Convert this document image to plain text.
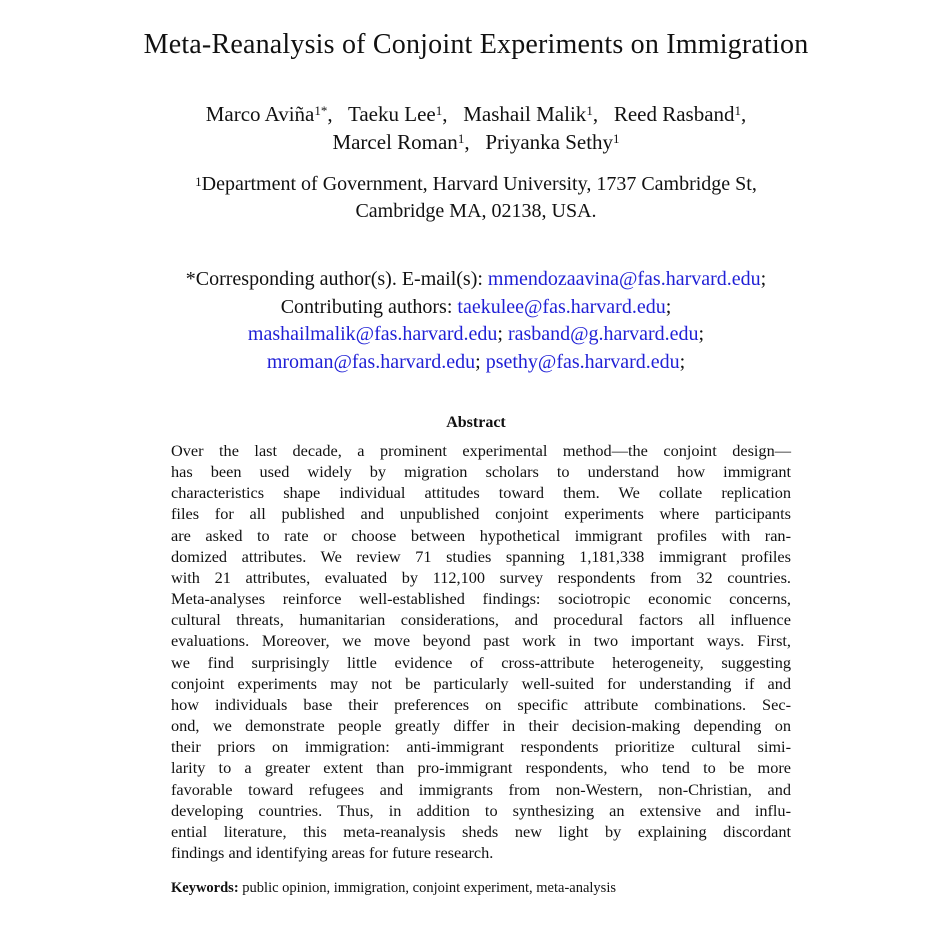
Meta-Reanalysis of Conjoint Experiments on Immigration
Marco Aviña$^{1*}$,   Taeku Lee$^1$,   Mashail Malik$^1$,   Reed Rasband$^1$,
Marcel Roman$^1$,   Priyanka Sethy$^1$
$^1$Department of Government, Harvard University, 1737 Cambridge St,
Cambridge MA, 02138, USA.
*Corresponding author(s). E-mail(s): mmendozaavina@fas.harvard.edu;
Contributing authors: taekulee@fas.harvard.edu;
mashailmalik@fas.harvard.edu; rasband@g.harvard.edu;
mroman@fas.harvard.edu; psethy@fas.harvard.edu;
Abstract
Over the last decade, a prominent experimental method—the conjoint design—
has been used widely by migration scholars to understand how immigrant
characteristics shape individual attitudes toward them. We collate replication
files for all published and unpublished conjoint experiments where participants
are asked to rate or choose between hypothetical immigrant profiles with ran-
domized attributes. We review 71 studies spanning 1,181,338 immigrant profiles
with 21 attributes, evaluated by 112,100 survey respondents from 32 countries.
Meta-analyses reinforce well-established findings: sociotropic economic concerns,
cultural threats, humanitarian considerations, and procedural factors all influence
evaluations. Moreover, we move beyond past work in two important ways. First,
we find surprisingly little evidence of cross-attribute heterogeneity, suggesting
conjoint experiments may not be particularly well-suited for understanding if and
how individuals base their preferences on specific attribute combinations. Sec-
ond, we demonstrate people greatly differ in their decision-making depending on
their priors on immigration: anti-immigrant respondents prioritize cultural simi-
larity to a greater extent than pro-immigrant respondents, who tend to be more
favorable toward refugees and immigrants from non-Western, non-Christian, and
developing countries. Thus, in addition to synthesizing an extensive and influ-
ential literature, this meta-reanalysis sheds new light by explaining discordant
findings and identifying areas for future research.
Keywords: public opinion, immigration, conjoint experiment, meta-analysis
